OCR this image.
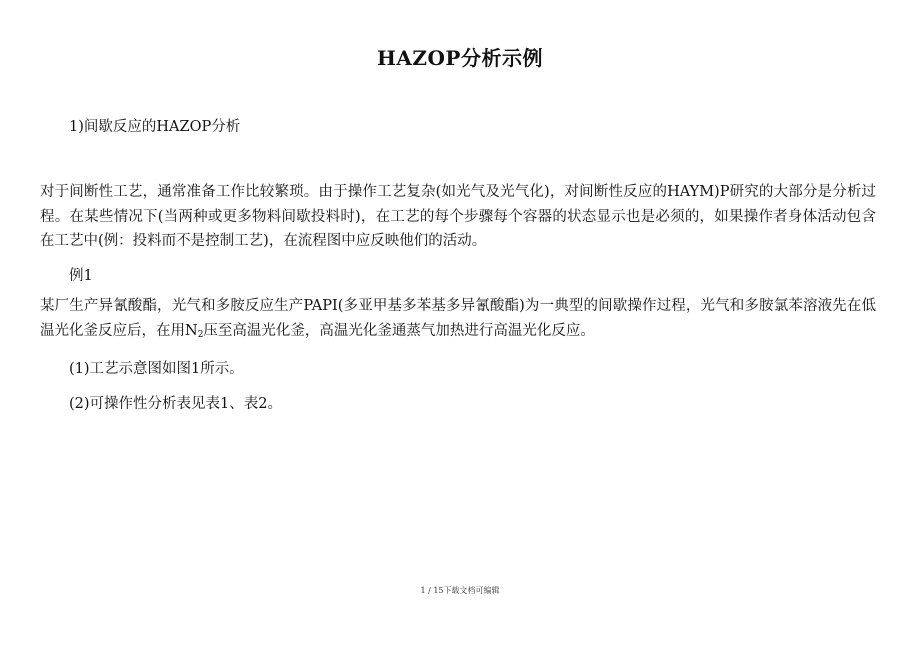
HAZOP分析示例
1)间歇反应的HAZOP分析

对于间断性工艺，通常准备工作比较繁琐。由于操作工艺复杂(如光气及光气化)，对间断性反应的HAYM)P研究的大部分是分析过程。在某些情况下(当两种或更多物料间歇投料时)，在工艺的每个步骤每个容器的状态显示也是必须的，如果操作者身体活动包含在工艺中(例：投料而不是控制工艺)，在流程图中应反映他们的活动。

例1

某厂生产异氰酸酯，光气和多胺反应生产PAPI(多亚甲基多苯基多异氰酸酯)为一典型的间歇操作过程，光气和多胺氯苯溶液先在低温光化釜反应后，在用$N_2$压至高温光化釜，高温光化釜通蒸气加热进行高温光化反应。

(1)工艺示意图如图1所示。

(2)可操作性分析表见表1、表2。

1 / 15下载文档可编辑
